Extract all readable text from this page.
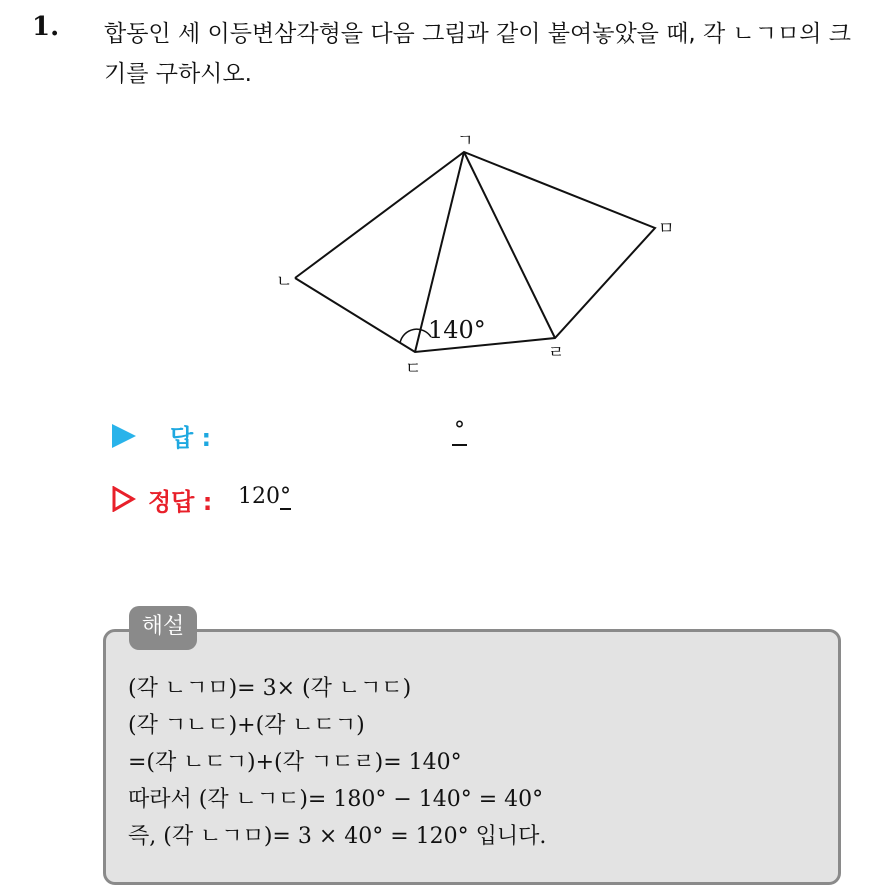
1. 합동인 세 이등변삼각형을 다음 그림과 같이 붙여놓았을 때, 각 ㄴㄱㅁ의 크기를 구하시오.
ㄱ
ㄴ
ㄷ
ㄹ
ㅁ
140°
답 :	°
정답 : 120°
해설
(각 ㄴㄱㅁ)= 3× (각 ㄴㄱㄷ)
(각 ㄱㄴㄷ)+(각 ㄴㄷㄱ)
=(각 ㄴㄷㄱ)+(각 ㄱㄷㄹ)= 140°
따라서 (각 ㄴㄱㄷ)= 180° − 140° = 40°
즉, (각 ㄴㄱㅁ)= 3 × 40° = 120° 입니다.
